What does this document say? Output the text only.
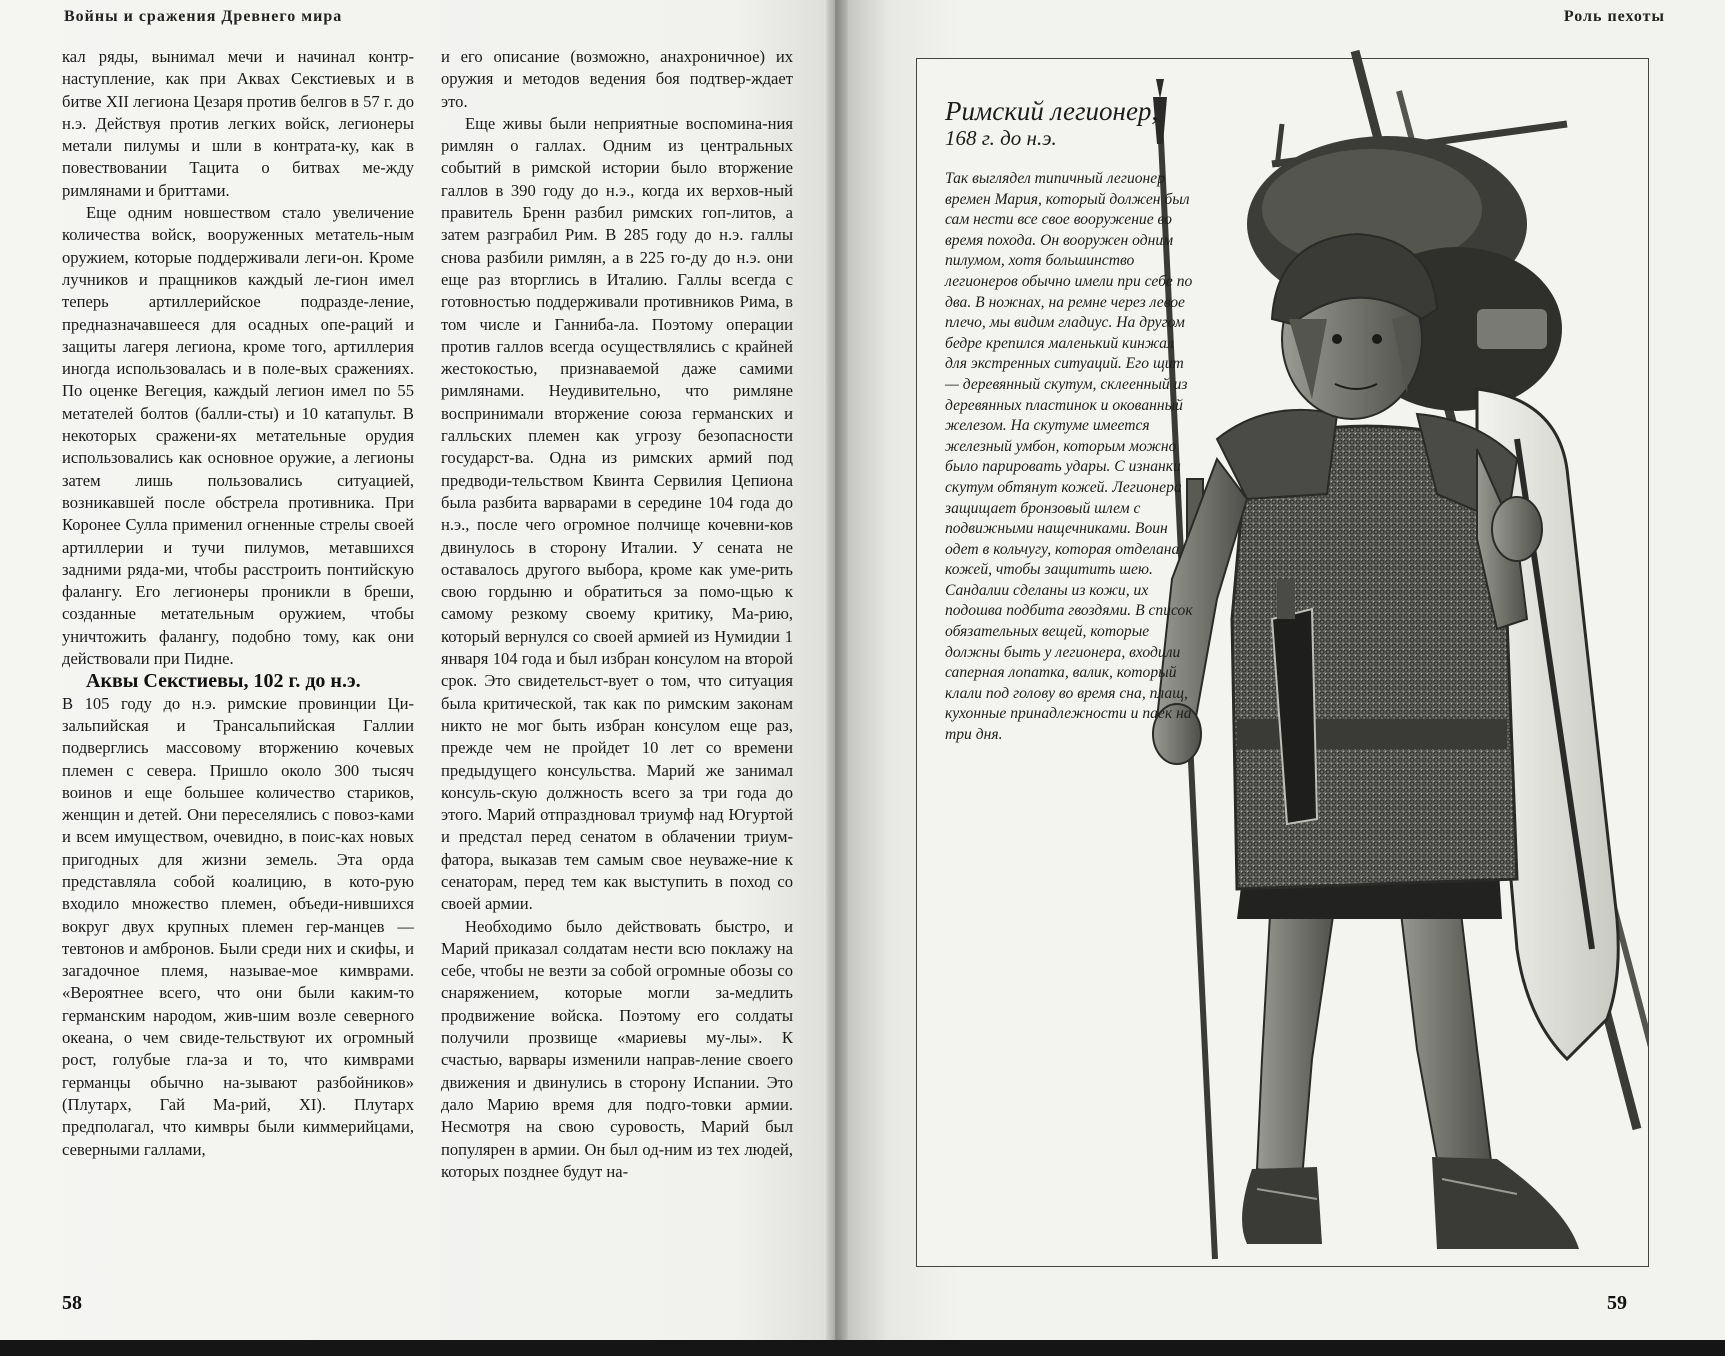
Войны и сражения Древнего мира

кал ряды, вынимал мечи и начинал контр-наступление, как при Аквах Секстиевых и в битве XII легиона Цезаря против белгов в 57 г. до н.э. Действуя против легких войск, легионеры метали пилумы и шли в контрата-ку, как в повествовании Тацита о битвах ме-жду римлянами и бриттами.

Еще одним новшеством стало увеличение количества войск, вооруженных метатель-ным оружием, которые поддерживали леги-он. Кроме лучников и пращников каждый ле-гион имел теперь артиллерийское подразде-ление, предназначавшееся для осадных опе-раций и защиты лагеря легиона, кроме того, артиллерия иногда использовалась и в поле-вых сражениях. По оценке Вегеция, каждый легион имел по 55 метателей болтов (балли-сты) и 10 катапульт. В некоторых сражени-ях метательные орудия использовались как основное оружие, а легионы затем лишь пользовались ситуацией, возникавшей после обстрела противника. При Коронее Сулла применил огненные стрелы своей артиллерии и тучи пилумов, метавшихся задними рядa-ми, чтобы расстроить понтийскую фалангу. Его легионеры проникли в бреши, созданные метательным оружием, чтобы уничтожить фалангу, подобно тому, как они действовали при Пидне.

Аквы Секстиевы, 102 г. до н.э.

В 105 году до н.э. римские провинции Ци-зальпийская и Трансальпийская Галлии подверглись массовому вторжению кочевых племен с севера. Пришло около 300 тысяч воинов и еще большее количество стариков, женщин и детей. Они переселялись с повоз-ками и всем имуществом, очевидно, в поис-ках новых пригодных для жизни земель. Эта орда представляла собой коалицию, в кото-рую входило множество племен, объеди-нившихся вокруг двух крупных племен гер-манцев — тевтонов и амбронов. Были среди них и скифы, и загадочное племя, называе-мое кимврами. «Вероятнее всего, что они были каким-то германским народом, жив-шим возле северного океана, о чем свиде-тельствуют их огромный рост, голубые гла-за и то, что кимврами германцы обычно на-зывают разбойников» (Плутарх, Гай Ма-рий, XI). Плутарх предполагал, что кимвры были киммерийцами, северными галлами,

и его описание (возможно, анахроничное) их оружия и методов ведения боя подтвер-ждает это.

Еще живы были неприятные воспомина-ния римлян о галлах. Одним из центральных событий в римской истории было вторжение галлов в 390 году до н.э., когда их верхов-ный правитель Бренн разбил римских гоп-литов, а затем разграбил Рим. В 285 году до н.э. галлы снова разбили римлян, а в 225 го-ду до н.э. они еще раз вторглись в Италию. Галлы всегда с готовностью поддерживали противников Рима, в том числе и Ганниба-ла. Поэтому операции против галлов всегда осуществлялись с крайней жестокостью, признаваемой даже самими римлянами. Неудивительно, что римляне воспринимали вторжение союза германских и галльских племен как угрозу безопасности государст-ва. Одна из римских армий под предводи-тельством Квинта Сервилия Цепиона была разбита варварами в середине 104 года до н.э., после чего огромное полчище кочевни-ков двинулось в сторону Италии. У сената не оставалось другого выбора, кроме как уме-рить свою гордыню и обратиться за помо-щью к самому резкому своему критику, Ма-рию, который вернулся со своей армией из Нумидии 1 января 104 года и был избран консулом на второй срок. Это свидетельст-вует о том, что ситуация была критической, так как по римским законам никто не мог быть избран консулом еще раз, прежде чем не пройдет 10 лет со времени предыдущего консульства. Марий же занимал консуль-скую должность всего за три года до этого. Марий отпраздновал триумф над Югуртой и предстал перед сенатом в облачении триум-фатора, выказав тем самым свое неуваже-ние к сенаторам, перед тем как выступить в поход со своей армии.

Необходимо было действовать быстро, и Марий приказал солдатам нести всю поклажу на себе, чтобы не везти за собой огромные обозы со снаряжением, которые могли за-медлить продвижение войска. Поэтому его солдаты получили прозвище «мариевы му-лы». К счастью, варвары изменили направ-ление своего движения и двинулись в сторону Испании. Это дало Марию время для подго-товки армии. Несмотря на свою суровость, Марий был популярен в армии. Он был од-ним из тех людей, которых позднее будут на-

58

Роль пехоты

59

Римский легионер,

168 г. до н.э.

Так выглядел типичный легионер времен Мария, который должен был сам нести все свое вооружение во время похода. Он вооружен одним пилумом, хотя большинство легионеров обычно имели при себе по два. В ножнах, на ремне через левое плечо, мы видим гладиус. На другом бедре крепился маленький кинжал для экстренных ситуаций. Его щит — деревянный скутум, склеенный из деревянных пластинок и окованный железом. На скутуме имеется железный умбон, которым можно было парировать удары. С изнанки скутум обтянут кожей. Легионера защищает бронзовый шлем с подвижными нащечниками. Воин одет в кольчугу, которая отделана кожей, чтобы защитить шею. Сандалии сделаны из кожи, их подошва подбита гвоздями. В список обязательных вещей, которые должны быть у легионера, входили саперная лопатка, валик, который клали под голову во время сна, плащ, кухонные принадлежности и паек на три дня.
